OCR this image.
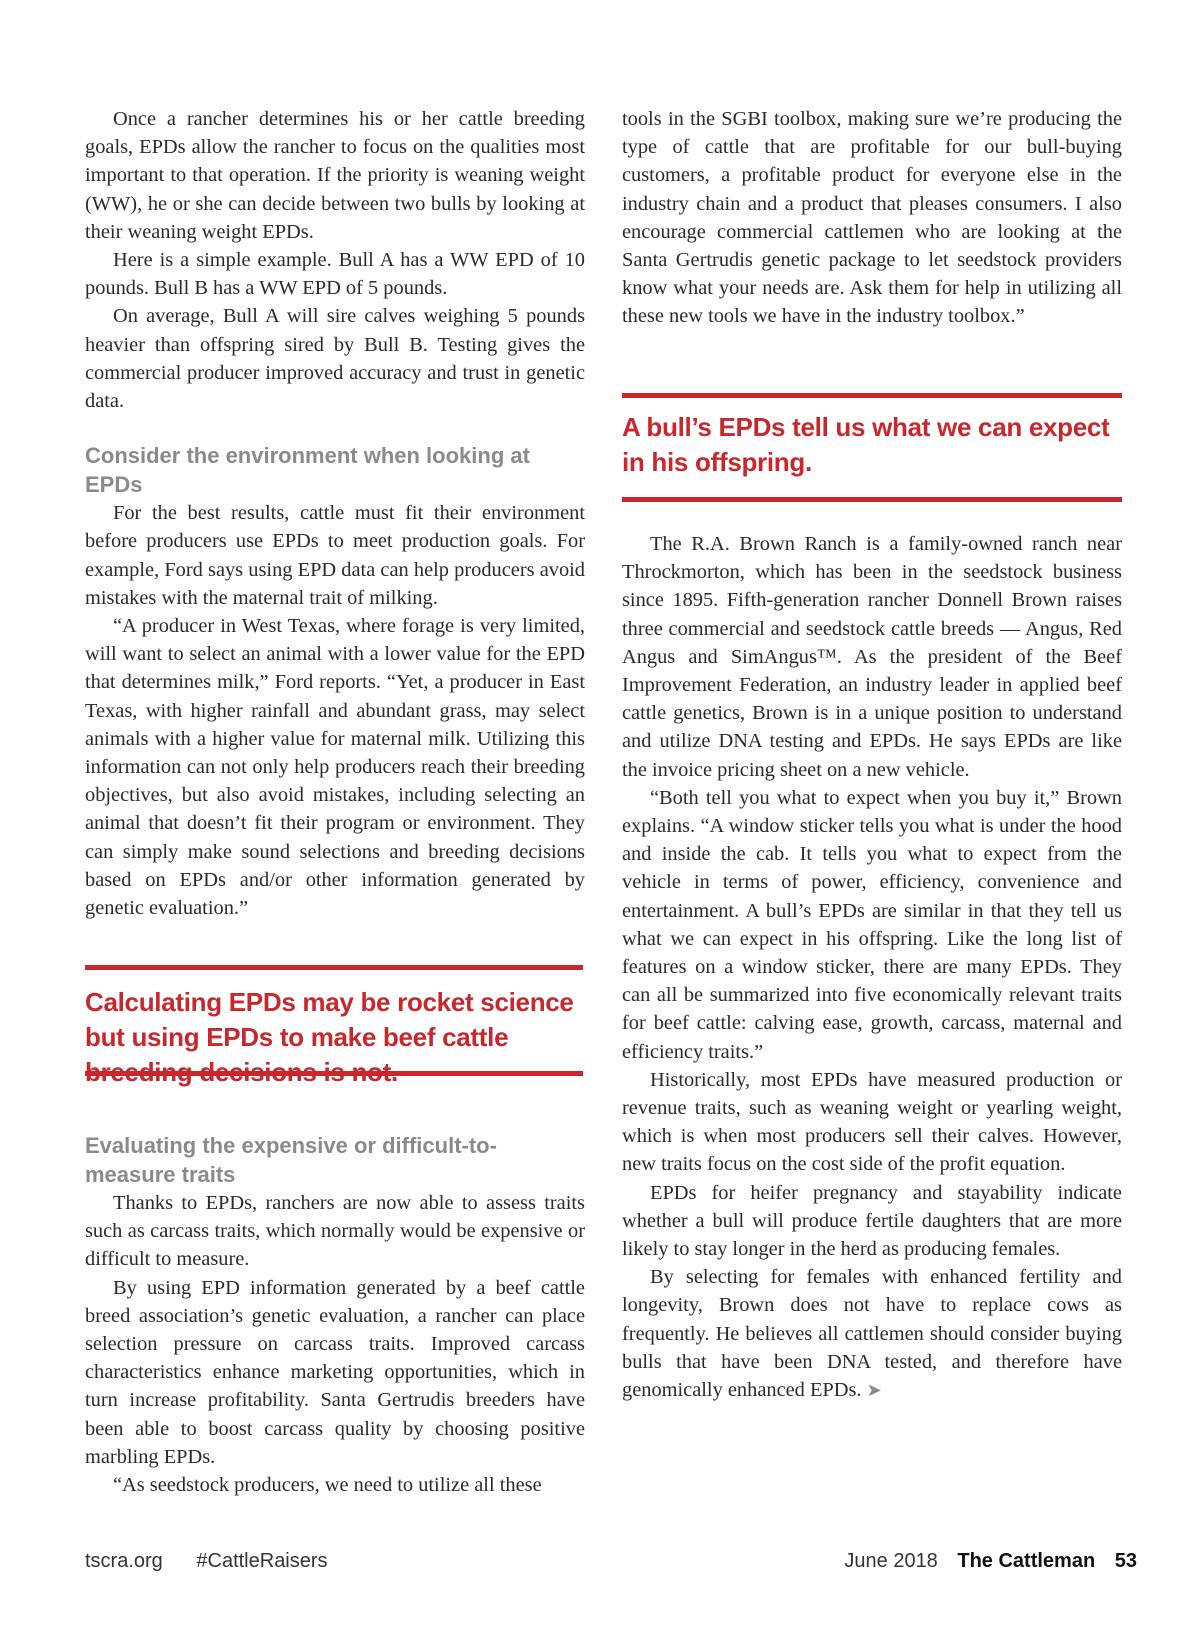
Once a rancher determines his or her cattle breeding goals, EPDs allow the rancher to focus on the qualities most important to that operation. If the priority is weaning weight (WW), he or she can decide between two bulls by looking at their weaning weight EPDs.

Here is a simple example. Bull A has a WW EPD of 10 pounds. Bull B has a WW EPD of 5 pounds.

On average, Bull A will sire calves weighing 5 pounds heavier than offspring sired by Bull B. Testing gives the commercial producer improved accuracy and trust in genetic data.

Consider the environment when looking at EPDs

For the best results, cattle must fit their environment before producers use EPDs to meet production goals. For example, Ford says using EPD data can help producers avoid mistakes with the maternal trait of milking.

“A producer in West Texas, where forage is very limited, will want to select an animal with a lower value for the EPD that determines milk,” Ford reports. “Yet, a producer in East Texas, with higher rainfall and abundant grass, may select animals with a higher value for maternal milk. Utilizing this information can not only help producers reach their breeding objectives, but also avoid mistakes, including selecting an animal that doesn’t fit their program or environment. They can simply make sound selections and breeding decisions based on EPDs and/or other information generated by genetic evaluation.”

Calculating EPDs may be rocket science but using EPDs to make beef cattle breeding decisions is not.
Evaluating the expensive or difficult-to-measure traits

Thanks to EPDs, ranchers are now able to assess traits such as carcass traits, which normally would be expensive or difficult to measure.

By using EPD information generated by a beef cattle breed association’s genetic evaluation, a rancher can place selection pressure on carcass traits. Improved carcass characteristics enhance marketing opportunities, which in turn increase profitability. Santa Gertrudis breeders have been able to boost carcass quality by choosing positive marbling EPDs.

“As seedstock producers, we need to utilize all these

tools in the SGBI toolbox, making sure we’re producing the type of cattle that are profitable for our bull-buying customers, a profitable product for everyone else in the industry chain and a product that pleases consumers. I also encourage commercial cattlemen who are looking at the Santa Gertrudis genetic package to let seedstock providers know what your needs are. Ask them for help in utilizing all these new tools we have in the industry toolbox.”

A bull’s EPDs tell us what we can expect in his offspring.

The R.A. Brown Ranch is a family-owned ranch near Throckmorton, which has been in the seedstock business since 1895. Fifth-generation rancher Donnell Brown raises three commercial and seedstock cattle breeds — Angus, Red Angus and SimAngus™. As the president of the Beef Improvement Federation, an industry leader in applied beef cattle genetics, Brown is in a unique position to understand and utilize DNA testing and EPDs. He says EPDs are like the invoice pricing sheet on a new vehicle.

“Both tell you what to expect when you buy it,” Brown explains. “A window sticker tells you what is under the hood and inside the cab. It tells you what to expect from the vehicle in terms of power, efficiency, convenience and entertainment. A bull’s EPDs are similar in that they tell us what we can expect in his offspring. Like the long list of features on a window sticker, there are many EPDs. They can all be summarized into five economically relevant traits for beef cattle: calving ease, growth, carcass, maternal and efficiency traits.”

Historically, most EPDs have measured production or revenue traits, such as weaning weight or yearling weight, which is when most producers sell their calves. However, new traits focus on the cost side of the profit equation.

EPDs for heifer pregnancy and stayability indicate whether a bull will produce fertile daughters that are more likely to stay longer in the herd as producing females.

By selecting for females with enhanced fertility and longevity, Brown does not have to replace cows as frequently. He believes all cattlemen should consider buying bulls that have been DNA tested, and therefore have genomically enhanced EPDs. ➤

tscra.org #CattleRaisers	June 2018 The Cattleman 53
